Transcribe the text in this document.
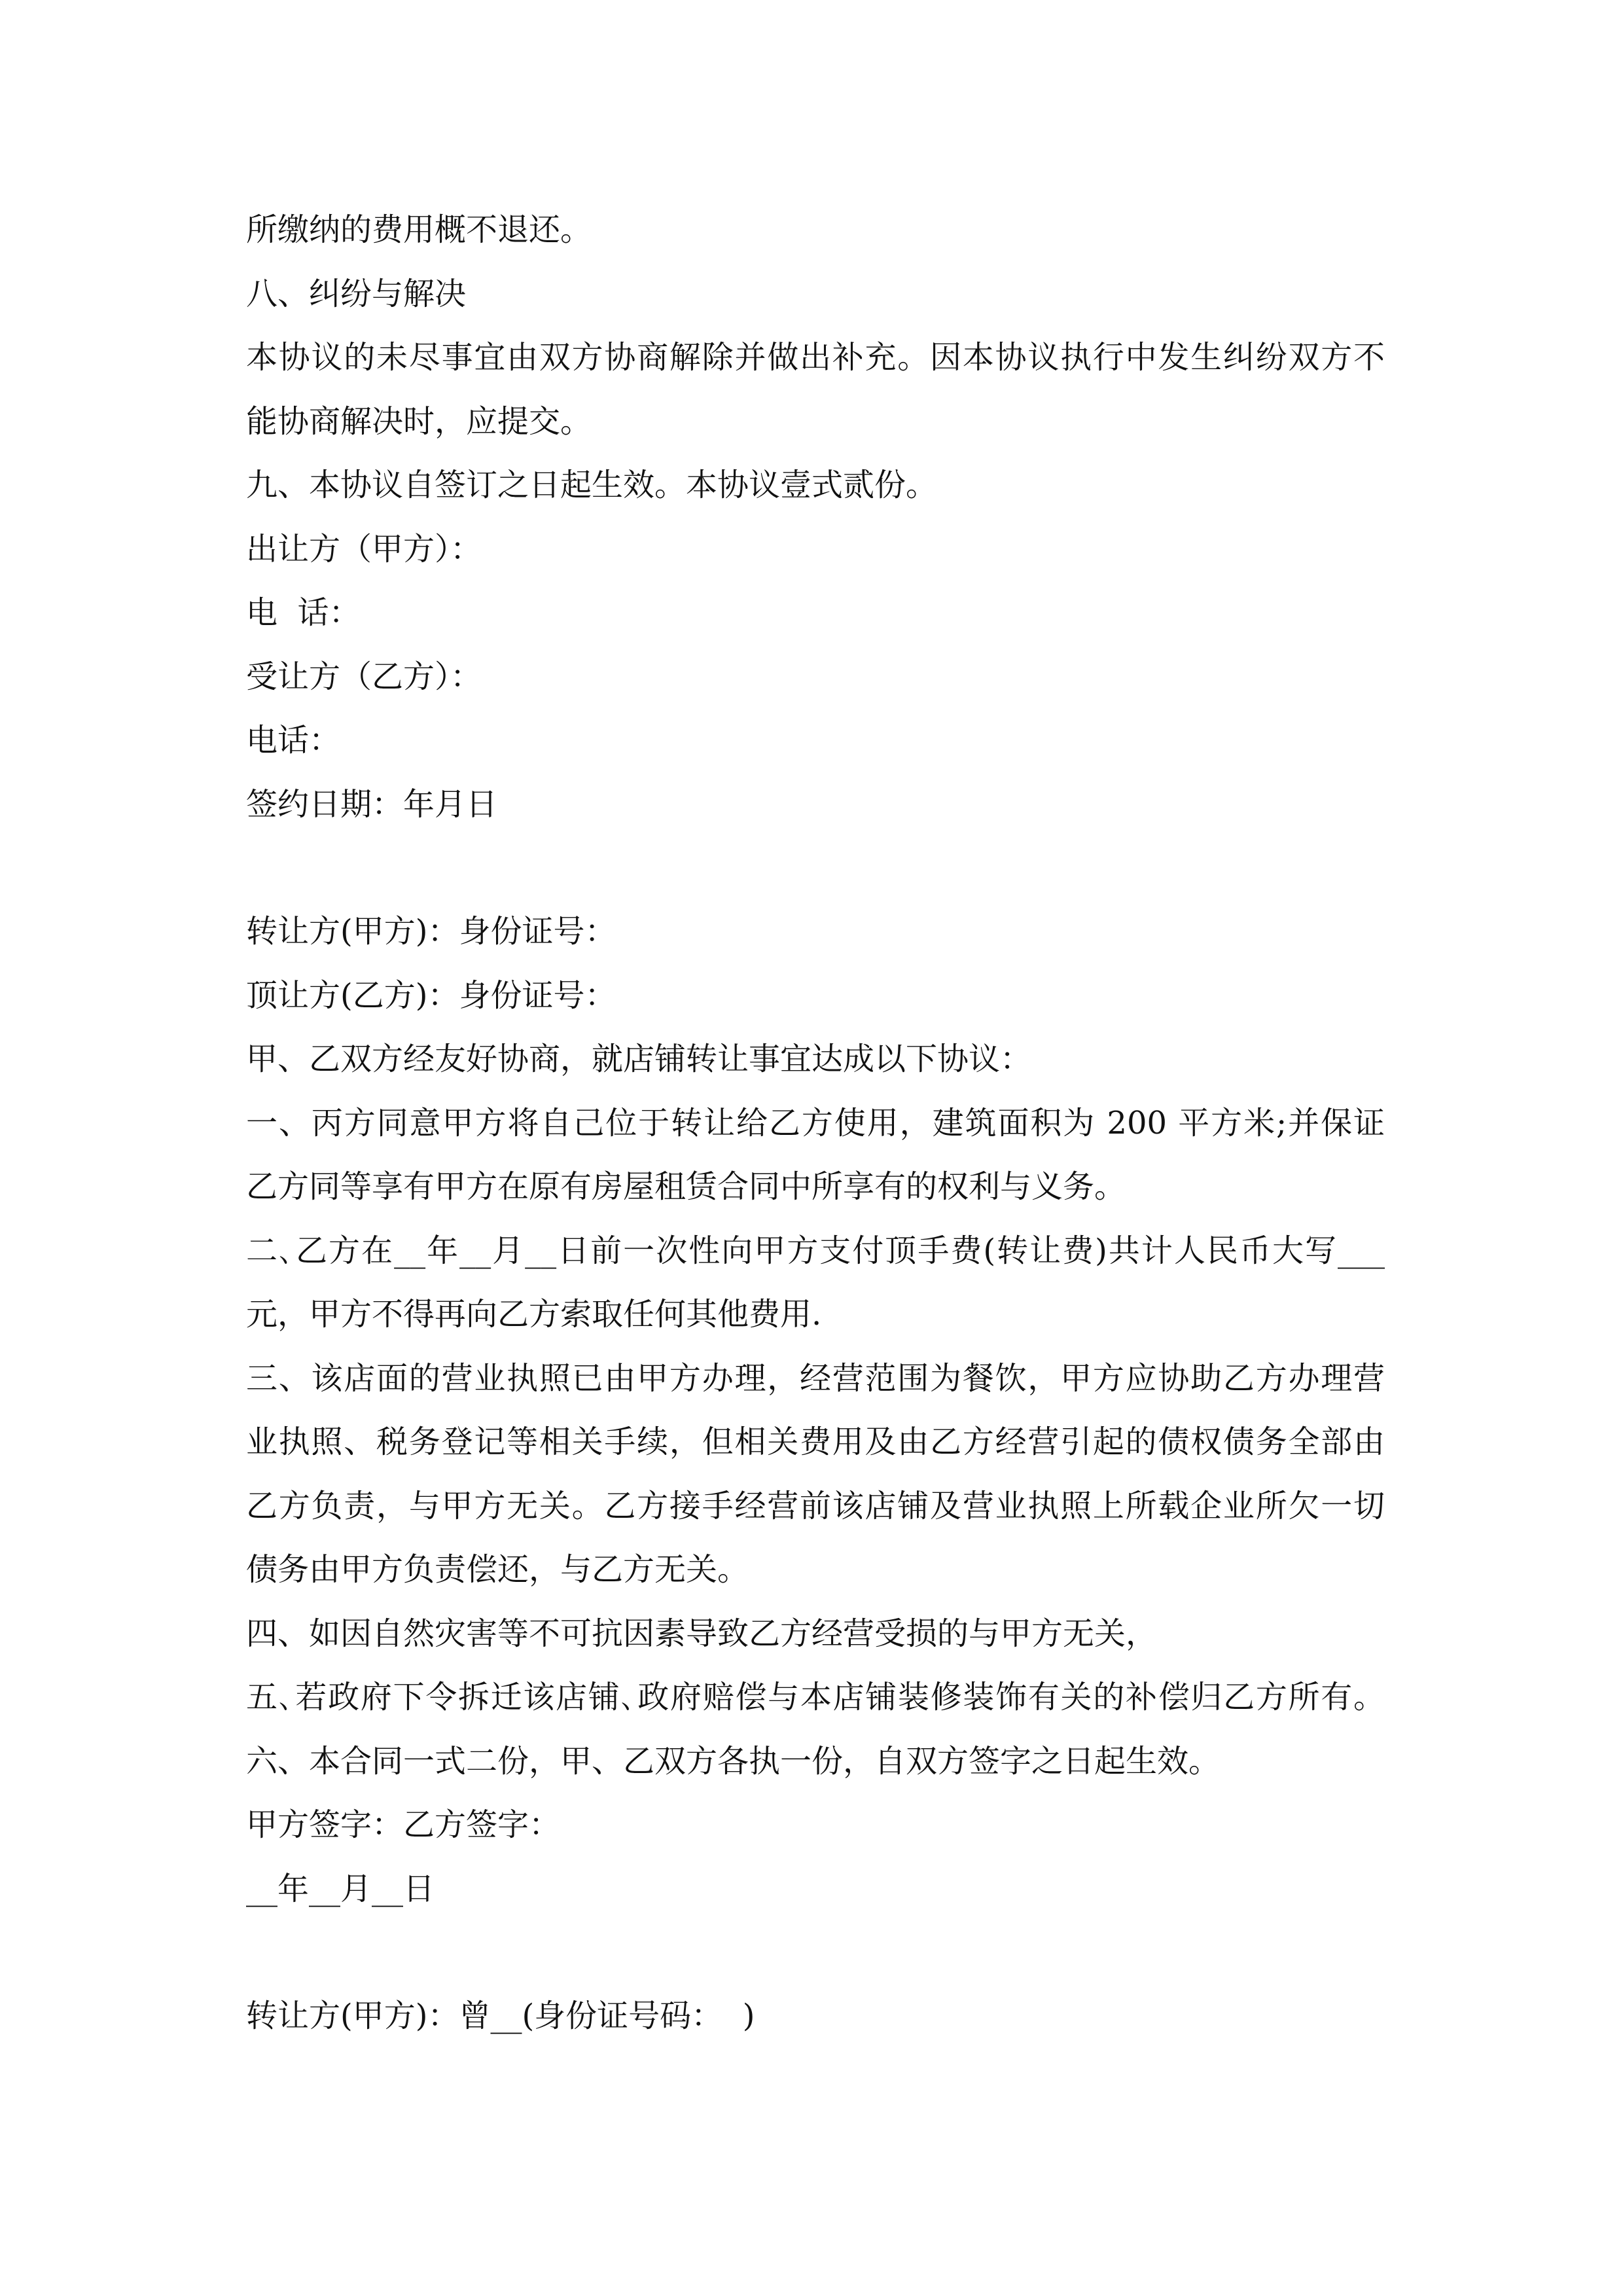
所缴纳的费用概不退还。
八、纠纷与解决
本协议的未尽事宜由双方协商解除并做出补充。因本协议执行中发生纠纷双方不
能协商解决时，应提交。
九、本协议自签订之日起生效。本协议壹式贰份。
出让方（甲方）：
电  话：
受让方（乙方）：
电话：
签约日期：年月日
转让方(甲方)：身份证号：
顶让方(乙方)：身份证号：
甲、乙双方经友好协商，就店铺转让事宜达成以下协议：
一、丙方同意甲方将自己位于转让给乙方使用，建筑面积为 200 平方米;并保证
乙方同等享有甲方在原有房屋租赁合同中所享有的权利与义务。
二､乙方在__年__月__日前一次性向甲方支付顶手费(转让费)共计人民币大写___
元，甲方不得再向乙方索取任何其他费用.
三、该店面的营业执照已由甲方办理，经营范围为餐饮，甲方应协助乙方办理营
业执照、税务登记等相关手续，但相关费用及由乙方经营引起的债权债务全部由
乙方负责，与甲方无关。乙方接手经营前该店铺及营业执照上所载企业所欠一切
债务由甲方负责偿还，与乙方无关。
四、如因自然灾害等不可抗因素导致乙方经营受损的与甲方无关，
五､若政府下令拆迁该店铺､政府赔偿与本店铺装修装饰有关的补偿归乙方所有。
六、本合同一式二份，甲、乙双方各执一份，自双方签字之日起生效。
甲方签字：乙方签字：
__年__月__日
转让方(甲方)：曾__(身份证号码：  )
